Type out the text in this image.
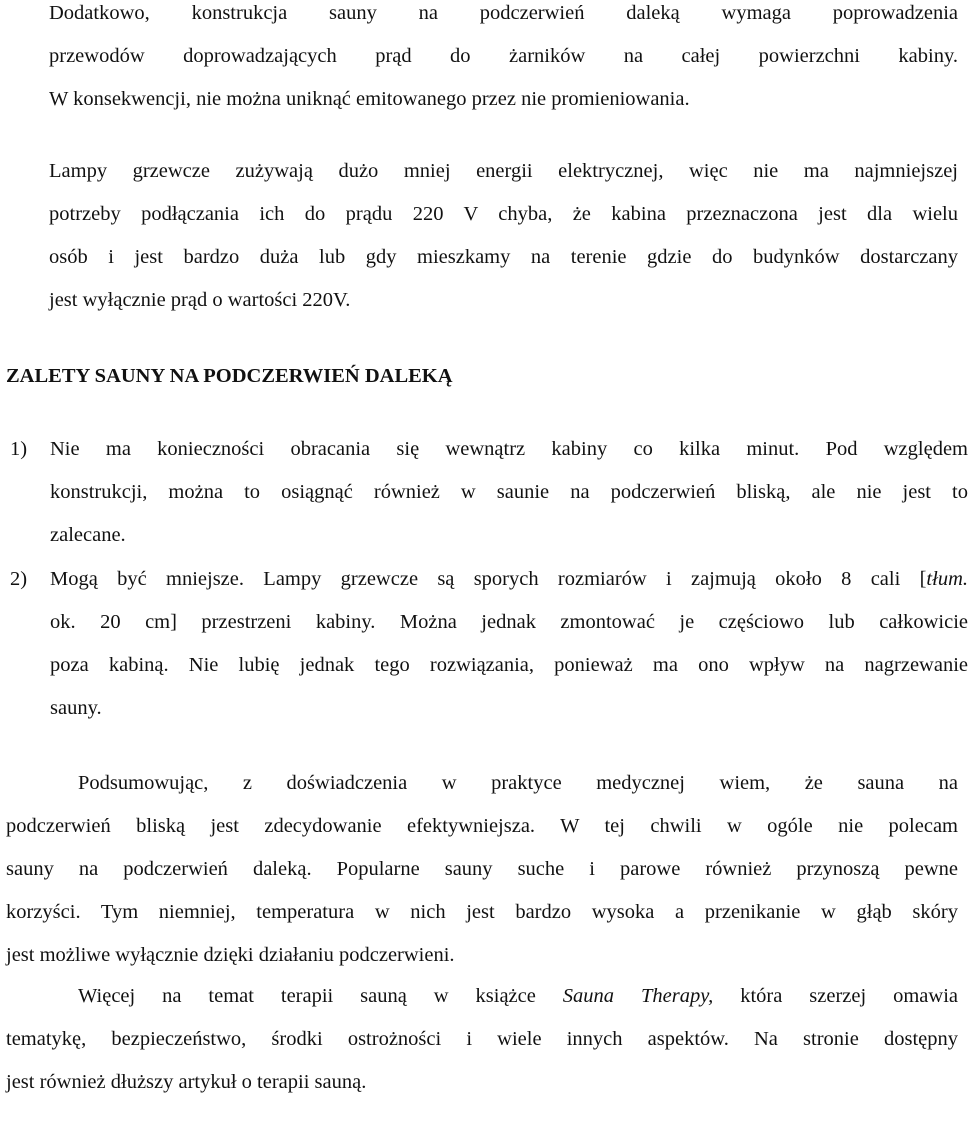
Dodatkowo, konstrukcja sauny na podczerwień daleką wymaga poprowadzenia
przewodów doprowadzających prąd do żarników na całej powierzchni kabiny.
W konsekwencji, nie można uniknąć emitowanego przez nie promieniowania.
Lampy grzewcze zużywają dużo mniej energii elektrycznej, więc nie ma najmniejszej
potrzeby podłączania ich do prądu 220 V chyba, że kabina przeznaczona jest dla wielu
osób i jest bardzo duża lub gdy mieszkamy na terenie gdzie do budynków dostarczany
jest wyłącznie prąd o wartości 220V.
ZALETY SAUNY NA PODCZERWIEŃ DALEKĄ
1) Nie ma konieczności obracania się wewnątrz kabiny co kilka minut. Pod względem
konstrukcji, można to osiągnąć również w saunie na podczerwień bliską, ale nie jest to
zalecane.
2) Mogą być mniejsze. Lampy grzewcze są sporych rozmiarów i zajmują około 8 cali [tłum.
ok. 20 cm] przestrzeni kabiny. Można jednak zmontować je częściowo lub całkowicie
poza kabiną. Nie lubię jednak tego rozwiązania, ponieważ ma ono wpływ na nagrzewanie
sauny.
Podsumowując, z doświadczenia w praktyce medycznej wiem, że sauna na
podczerwień bliską jest zdecydowanie efektywniejsza. W tej chwili w ogóle nie polecam
sauny na podczerwień daleką. Popularne sauny suche i parowe również przynoszą pewne
korzyści. Tym niemniej, temperatura w nich jest bardzo wysoka a przenikanie w głąb skóry
jest możliwe wyłącznie dzięki działaniu podczerwieni.
Więcej na temat terapii sauną w książce Sauna Therapy, która szerzej omawia
tematykę, bezpieczeństwo, środki ostrożności i wiele innych aspektów. Na stronie dostępny
jest również dłuższy artykuł o terapii sauną.
